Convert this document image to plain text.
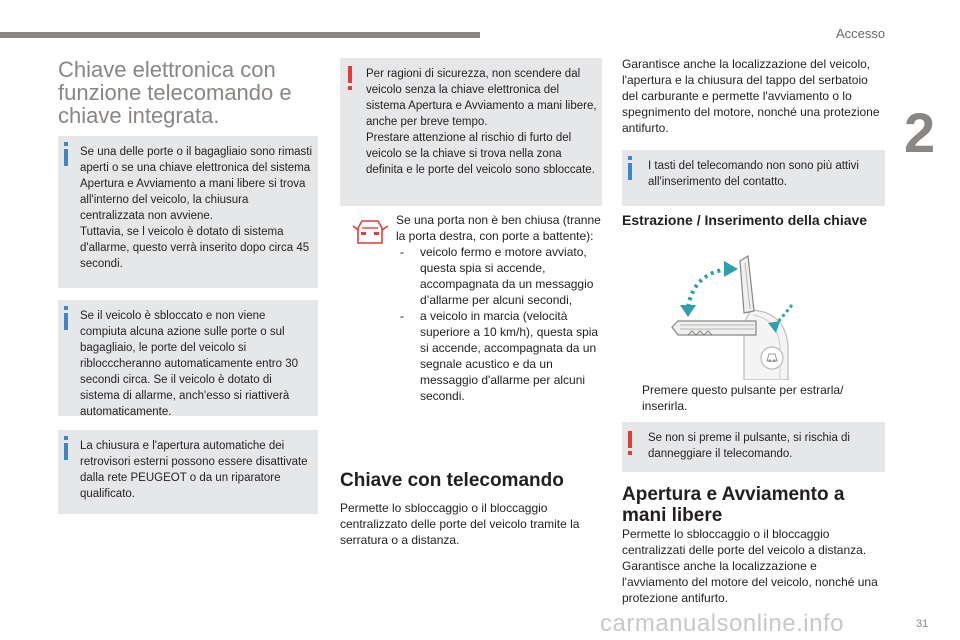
Accesso
2
Chiave elettronica con funzione telecomando e chiave integrata.
Se una delle porte o il bagagliaio sono rimasti aperti o se una chiave elettronica del sistema Apertura e Avviamento a mani libere si trova all'interno del veicolo, la chiusura centralizzata non avviene.
Tuttavia, se l veicolo è dotato di sistema d'allarme, questo verrà inserito dopo circa 45 secondi.
Se il veicolo è sbloccato e non viene compiuta alcuna azione sulle porte o sul bagagliaio, le porte del veicolo si riblocccheranno automaticamente entro 30 secondi circa. Se il veicolo è dotato di sistema di allarme, anch'esso si riattiverà automaticamente.
La chiusura e l'apertura automatiche dei retrovisori esterni possono essere disattivate dalla rete PEUGEOT o da un riparatore qualificato.
Per ragioni di sicurezza, non scendere dal veicolo senza la chiave elettronica del sistema Apertura e Avviamento a mani libere, anche per breve tempo.
Prestare attenzione al rischio di furto del veicolo se la chiave si trova nella zona definita e le porte del veicolo sono sbloccate.
Se una porta non è ben chiusa (tranne la porta destra, con porte a battente):
- veicolo fermo e motore avviato, questa spia si accende, accompagnata da un messaggio d’allarme per alcuni secondi,
- a veicolo in marcia (velocità superiore a 10 km/h), questa spia si accende, accompagnata da un segnale acustico e da un messaggio d'allarme per alcuni secondi.
Chiave con telecomando
Permette lo sbloccaggio o il bloccaggio centralizzato delle porte del veicolo tramite la serratura o a distanza.
Garantisce anche la localizzazione del veicolo, l'apertura e la chiusura del tappo del serbatoio del carburante e permette l'avviamento o lo spegnimento del motore, nonché una protezione antifurto.
I tasti del telecomando non sono più attivi all'inserimento del contatto.
Estrazione / Inserimento della chiave
Premere questo pulsante per estrarla/ inserirla.
Se non si preme il pulsante, si rischia di danneggiare il telecomando.
Apertura e Avviamento a mani libere
Permette lo sbloccaggio o il bloccaggio centralizzati delle porte del veicolo a distanza. Garantisce anche la localizzazione e l'avviamento del motore del veicolo, nonché una protezione antifurto.
carmanualsonline.info	31
